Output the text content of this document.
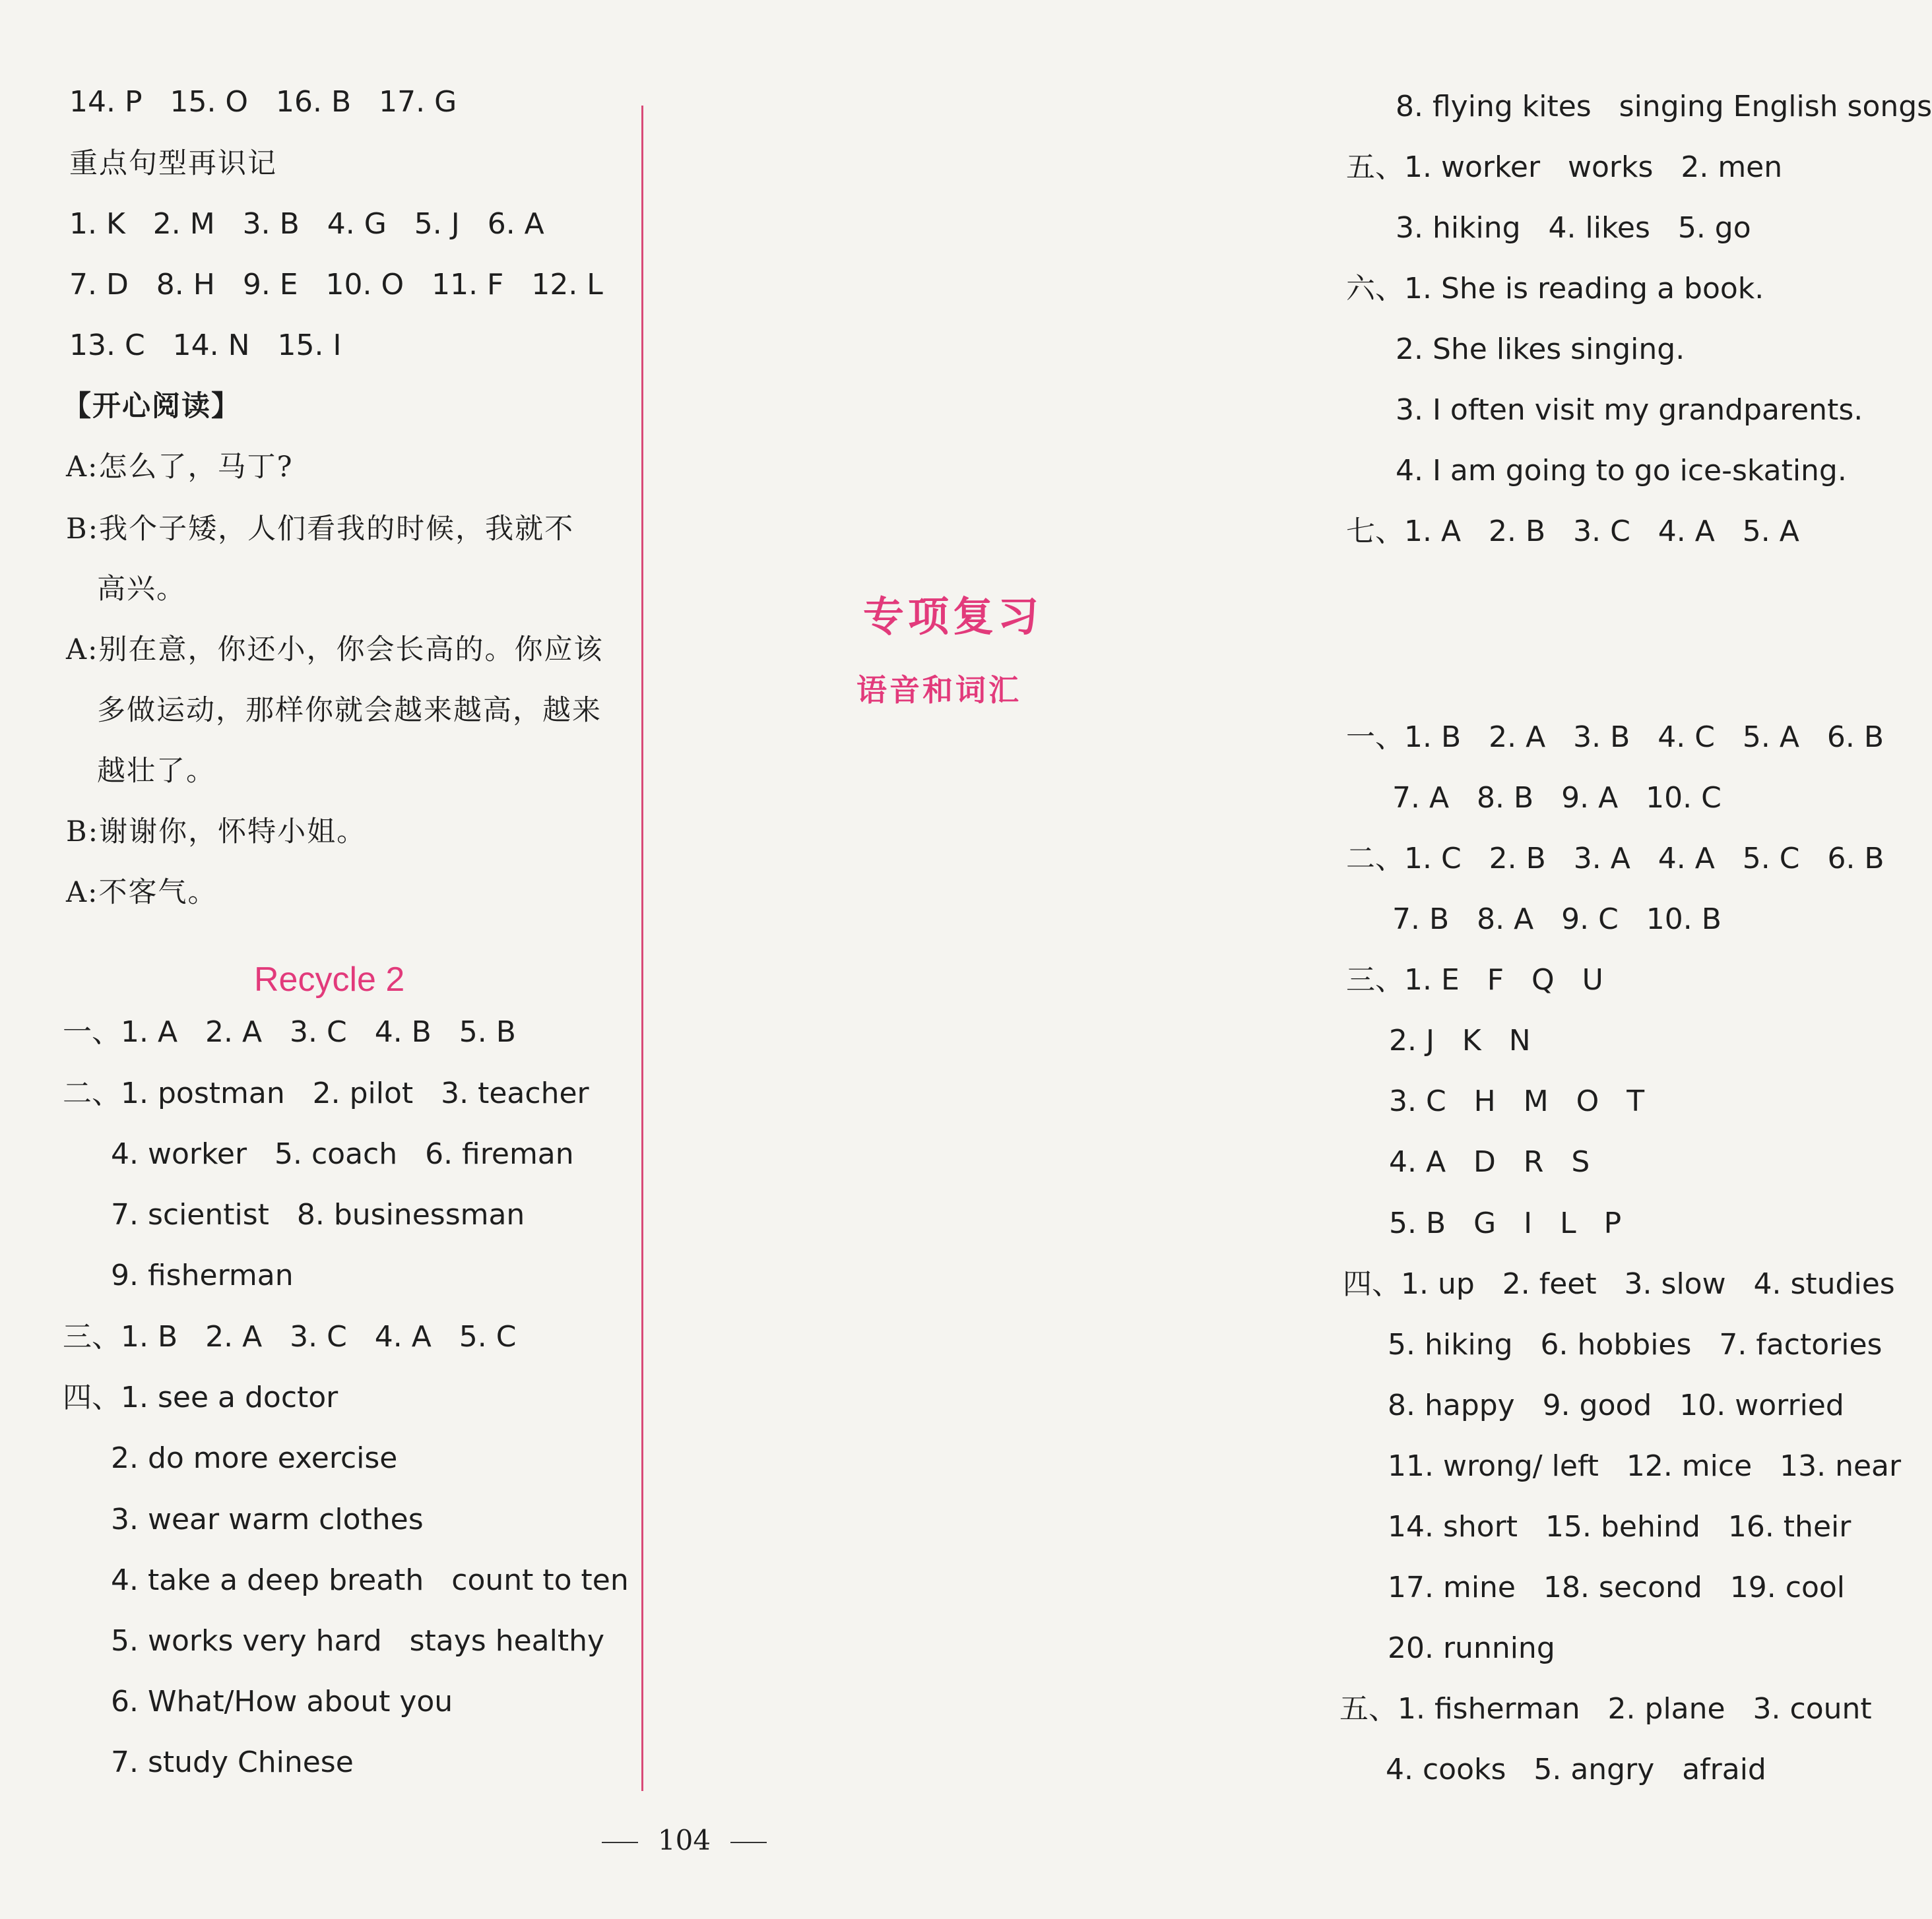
14. P   15. O   16. B   17. G
重点句型再识记
1. K   2. M   3. B   4. G   5. J   6. A
7. D   8. H   9. E   10. O   11. F   12. L
13. C   14. N   15. I
【开心阅读】
A:怎么了，马丁?
B:我个子矮，人们看我的时候，我就不
高兴。
A:别在意，你还小，你会长高的。你应该
多做运动，那样你就会越来越高，越来
越壮了。
B:谢谢你，怀特小姐。
A:不客气。
一、1. A   2. A   3. C   4. B   5. B
二、1. postman   2. pilot   3. teacher
4. worker   5. coach   6. fireman
7. scientist   8. businessman
9. fisherman
三、1. B   2. A   3. C   4. A   5. C
四、1. see a doctor
2. do more exercise
3. wear warm clothes
4. take a deep breath   count to ten
5. works very hard   stays healthy
6. What/How about you
7. study Chinese
8. flying kites   singing English songs
五、1. worker   works   2. men
3. hiking   4. likes   5. go
六、1. She is reading a book.
2. She likes singing.
3. I often visit my grandparents.
4. I am going to go ice-skating.
七、1. A   2. B   3. C   4. A   5. A
一、1. B   2. A   3. B   4. C   5. A   6. B
7. A   8. B   9. A   10. C
二、1. C   2. B   3. A   4. A   5. C   6. B
7. B   8. A   9. C   10. B
三、1. E   F   Q   U
2. J   K   N
3. C   H   M   O   T
4. A   D   R   S
5. B   G   I   L   P
四、1. up   2. feet   3. slow   4. studies
5. hiking   6. hobbies   7. factories
8. happy   9. good   10. worried
11. wrong/ left   12. mice   13. near
14. short   15. behind   16. their
17. mine   18. second   19. cool
20. running
五、1. fisherman   2. plane   3. count
4. cooks   5. angry   afraid
Recycle 2
专项复习
语音和词汇
104
